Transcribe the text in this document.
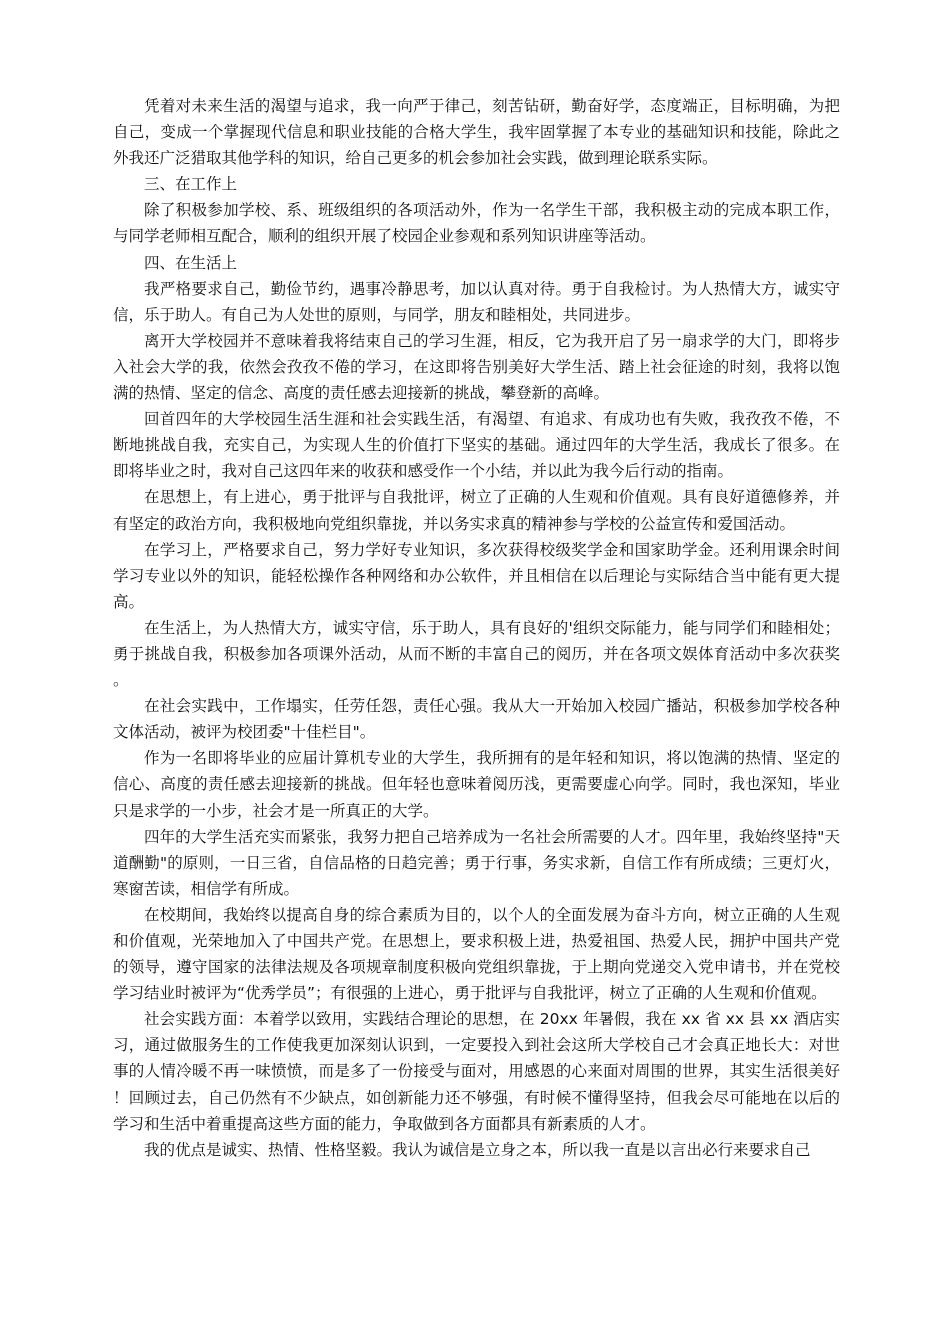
凭着对未来生活的渴望与追求，我一向严于律己，刻苦钻研，勤奋好学，态度端正，目标明确，为把自己，变成一个掌握现代信息和职业技能的合格大学生，我牢固掌握了本专业的基础知识和技能，除此之外我还广泛猎取其他学科的知识，给自己更多的机会参加社会实践，做到理论联系实际。

三、在工作上

除了积极参加学校、系、班级组织的各项活动外，作为一名学生干部，我积极主动的完成本职工作，与同学老师相互配合，顺利的组织开展了校园企业参观和系列知识讲座等活动。

四、在生活上

我严格要求自己，勤俭节约，遇事冷静思考，加以认真对待。勇于自我检讨。为人热情大方，诚实守信，乐于助人。有自己为人处世的原则，与同学，朋友和睦相处，共同进步。

离开大学校园并不意味着我将结束自己的学习生涯，相反，它为我开启了另一扇求学的大门，即将步入社会大学的我，依然会孜孜不倦的学习，在这即将告别美好大学生活、踏上社会征途的时刻，我将以饱满的热情、坚定的信念、高度的责任感去迎接新的挑战，攀登新的高峰。

回首四年的大学校园生活生涯和社会实践生活，有渴望、有追求、有成功也有失败，我孜孜不倦，不断地挑战自我，充实自己，为实现人生的价值打下坚实的基础。通过四年的大学生活，我成长了很多。在即将毕业之时，我对自己这四年来的收获和感受作一个小结，并以此为我今后行动的指南。

在思想上，有上进心，勇于批评与自我批评，树立了正确的人生观和价值观。具有良好道德修养，并有坚定的政治方向，我积极地向党组织靠拢，并以务实求真的精神参与学校的公益宣传和爱国活动。

在学习上，严格要求自己，努力学好专业知识，多次获得校级奖学金和国家助学金。还利用课余时间学习专业以外的知识，能轻松操作各种网络和办公软件，并且相信在以后理论与实际结合当中能有更大提高。

在生活上，为人热情大方，诚实守信，乐于助人，具有良好的'组织交际能力，能与同学们和睦相处；勇于挑战自我，积极参加各项课外活动，从而不断的丰富自己的阅历，并在各项文娱体育活动中多次获奖。

在社会实践中，工作塌实，任劳任怨，责任心强。我从大一开始加入校园广播站，积极参加学校各种文体活动，被评为校团委"十佳栏目"。

作为一名即将毕业的应届计算机专业的大学生，我所拥有的是年轻和知识，将以饱满的热情、坚定的信心、高度的责任感去迎接新的挑战。但年轻也意味着阅历浅，更需要虚心向学。同时，我也深知，毕业只是求学的一小步，社会才是一所真正的大学。

四年的大学生活充实而紧张，我努力把自己培养成为一名社会所需要的人才。四年里，我始终坚持"天道酬勤"的原则，一日三省，自信品格的日趋完善；勇于行事，务实求新，自信工作有所成绩；三更灯火，寒窗苦读，相信学有所成。

在校期间，我始终以提高自身的综合素质为目的，以个人的全面发展为奋斗方向，树立正确的人生观和价值观，光荣地加入了中国共产党。在思想上，要求积极上进，热爱祖国、热爱人民，拥护中国共产党的领导，遵守国家的法律法规及各项规章制度积极向党组织靠拢，于上期向党递交入党申请书，并在党校学习结业时被评为“优秀学员”；有很强的上进心，勇于批评与自我批评，树立了正确的人生观和价值观。

社会实践方面：本着学以致用，实践结合理论的思想，在 20xx 年暑假，我在 xx 省 xx 县 xx 酒店实习，通过做服务生的工作使我更加深刻认识到，一定要投入到社会这所大学校自己才会真正地长大：对世事的人情冷暖不再一味愤愤，而是多了一份接受与面对，用感恩的心来面对周围的世界，其实生活很美好！回顾过去，自己仍然有不少缺点，如创新能力还不够强，有时候不懂得坚持，但我会尽可能地在以后的学习和生活中着重提高这些方面的能力，争取做到各方面都具有新素质的人才。

我的优点是诚实、热情、性格坚毅。我认为诚信是立身之本，所以我一直是以言出必行来要求自己
